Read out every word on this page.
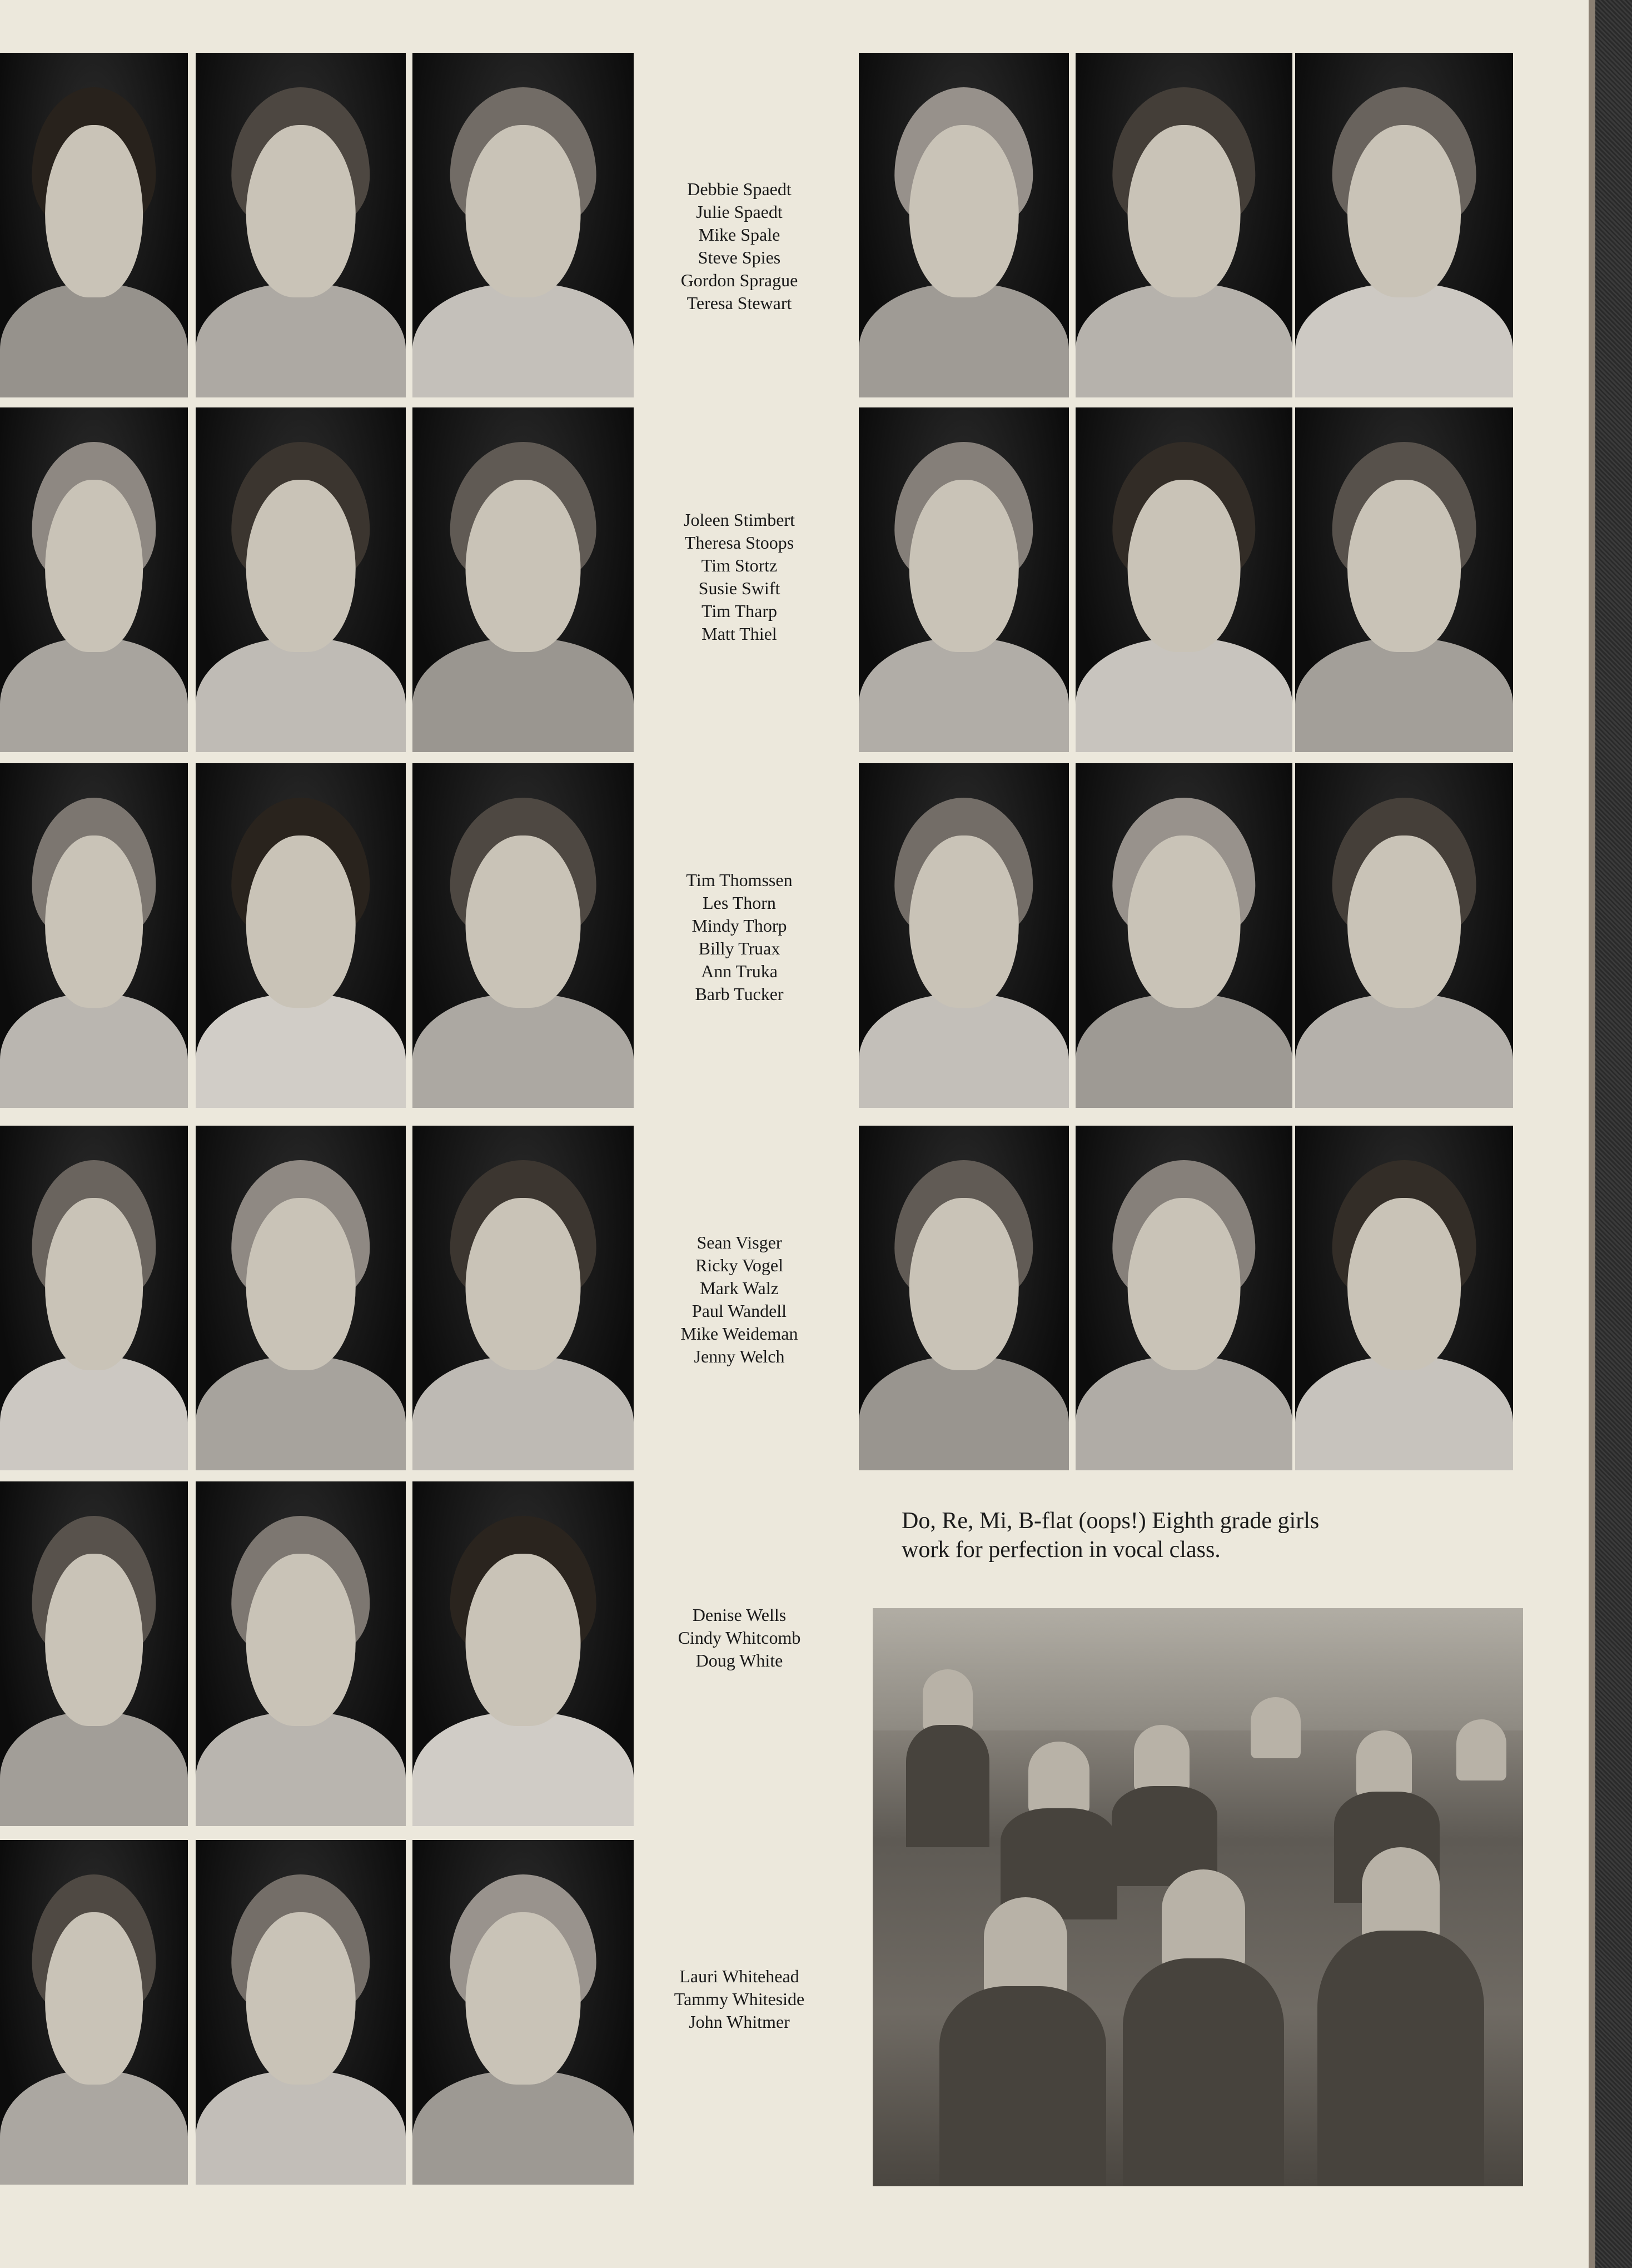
Debbie Spaedt
Julie Spaedt
Mike Spale
Steve Spies
Gordon Sprague
Teresa Stewart
Joleen Stimbert
Theresa Stoops
Tim Stortz
Susie Swift
Tim Tharp
Matt Thiel
Tim Thomssen
Les Thorn
Mindy Thorp
Billy Truax
Ann Truka
Barb Tucker
Sean Visger
Ricky Vogel
Mark Walz
Paul Wandell
Mike Weideman
Jenny Welch
Denise Wells
Cindy Whitcomb
Doug White
Lauri Whitehead
Tammy Whiteside
John Whitmer
Do, Re, Mi, B-flat (oops!) Eighth grade girls
work for perfection in vocal class.
